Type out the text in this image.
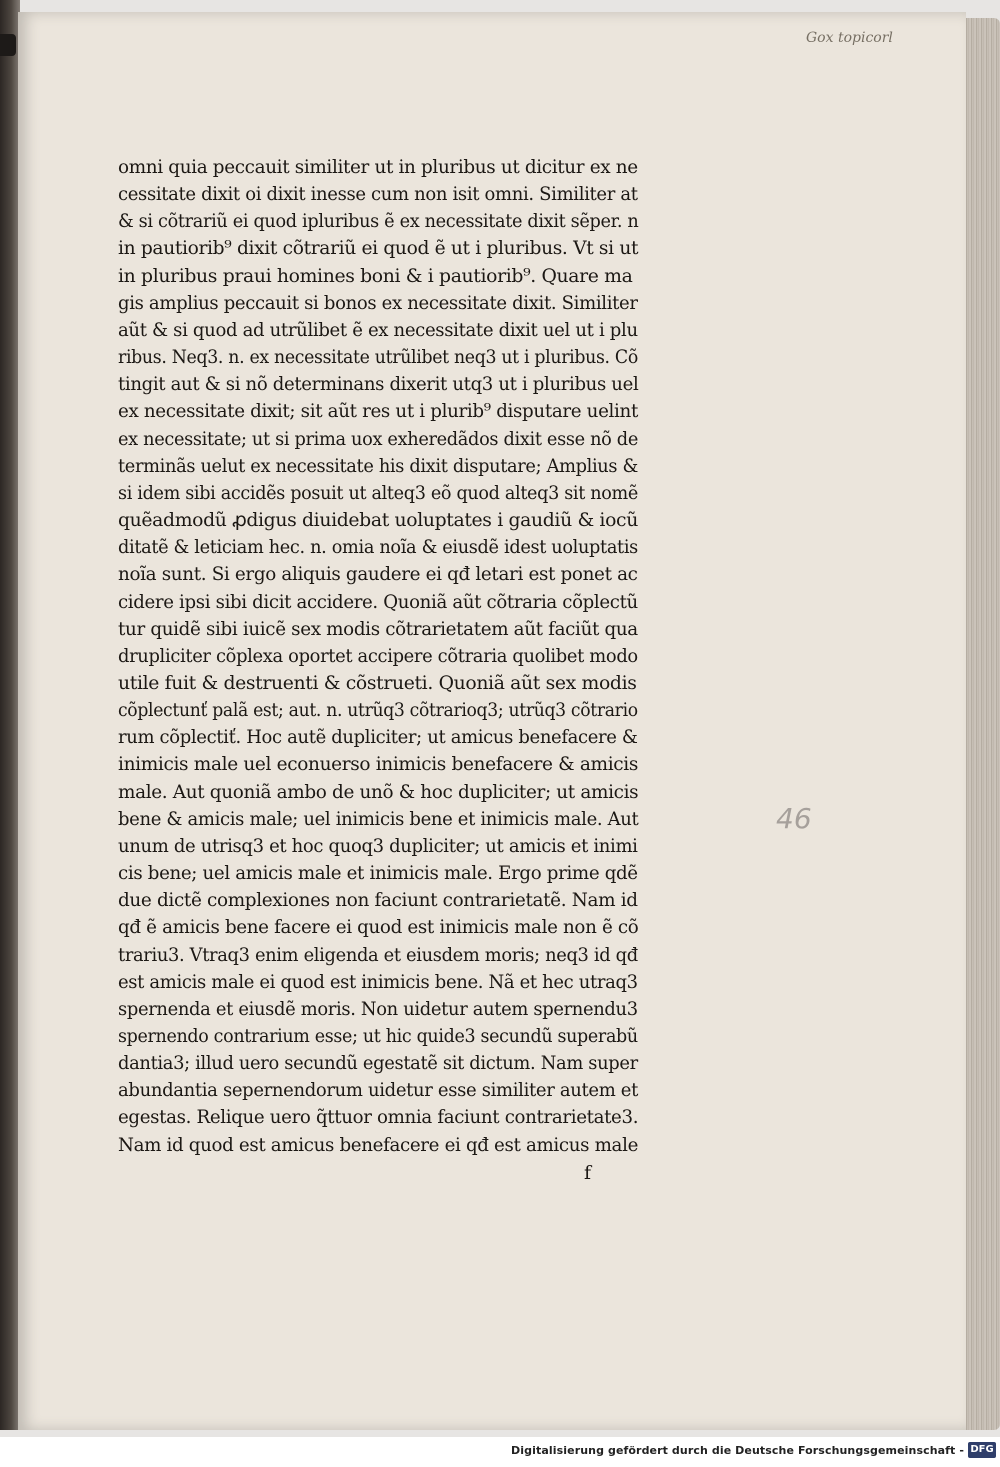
Gox topicorl
46
omni quia peccauit similiter ut in pluribus ut dicitur ex ne
cessitate dixit oi dixit inesse cum non isit omni. Similiter at
& si cõtrariũ ei quod ipluribus ẽ ex necessitate dixit sẽper. n
in pautiorib⁹ dixit cõtrariũ ei quod ẽ ut i pluribus. Vt si ut
in pluribus praui homines boni & i pautiorib⁹. Quare ma
gis amplius peccauit si bonos ex necessitate dixit. Similiter
aũt & si quod ad utrũlibet ẽ ex necessitate dixit uel ut i plu
ribus. Neq3. n. ex necessitate utrũlibet neq3 ut i pluribus. Cõ
tingit aut & si nõ determinans dixerit utq3 ut i pluribus uel
ex necessitate dixit; sit aũt res ut i plurib⁹ disputare uelint
ex necessitate; ut si prima uox exheredãdos dixit esse nõ de
terminãs uelut ex necessitate his dixit disputare; Amplius &
si idem sibi accidẽs posuit ut alteq3 eõ quod alteq3 sit nomẽ
quẽadmodũ ꝓdigus diuidebat uoluptates i gaudiũ & iocũ
ditatẽ & leticiam hec. n. omia noĩa & eiusdẽ idest uoluptatis
noĩa sunt. Si ergo aliquis gaudere ei qđ letari est ponet ac
cidere ipsi sibi dicit accidere. Quoniã aũt cõtraria cõplectũ
tur quidẽ sibi iuicẽ sex modis cõtrarietatem aũt faciũt qua
drupliciter cõplexa oportet accipere cõtraria quolibet modo
utile fuit & destruenti & cõstrueti. Quoniã aũt sex modis
cõplectunť palã est; aut. n. utrũq3 cõtrarioq3; utrũq3 cõtrario
rum cõplectiť. Hoc autẽ dupliciter; ut amicus benefacere &
inimicis male uel econuerso inimicis benefacere & amicis
male. Aut quoniã ambo de unõ & hoc dupliciter; ut amicis
bene & amicis male; uel inimicis bene et inimicis male. Aut
unum de utrisq3 et hoc quoq3 dupliciter; ut amicis et inimi
cis bene; uel amicis male et inimicis male. Ergo prime qdẽ
due dictẽ complexiones non faciunt contrarietatẽ. Nam id
qđ ẽ amicis bene facere ei quod est inimicis male non ẽ cõ
trariu3. Vtraq3 enim eligenda et eiusdem moris; neq3 id qđ
est amicis male ei quod est inimicis bene. Nã et hec utraq3
spernenda et eiusdẽ moris. Non uidetur autem spernendu3
spernendo contrarium esse; ut hic quide3 secundũ superabũ
dantia3; illud uero secundũ egestatẽ sit dictum. Nam super
abundantia sepernendorum uidetur esse similiter autem et
egestas. Relique uero q̃ttuor omnia faciunt contrarietate3.
Nam id quod est amicus benefacere ei qđ est amicus male
f
Digitalisierung gefördert durch die Deutsche Forschungsgemeinschaft - DFG
